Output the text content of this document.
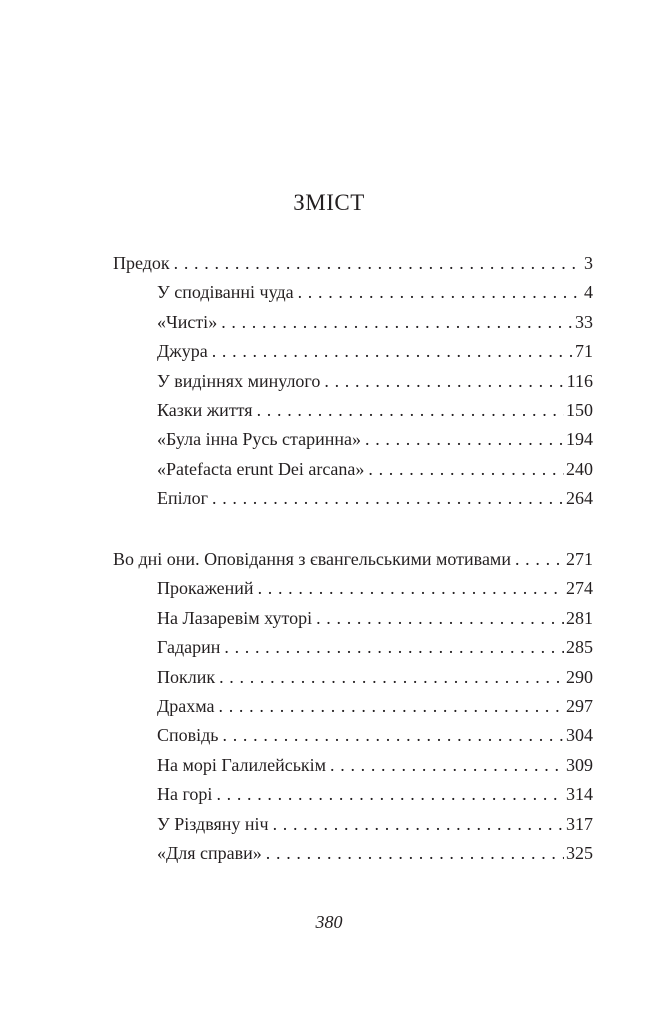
ЗМІСТ
Предок . . .	3
У сподіванні чуда . . .	4
«Чисті» . . .	33
Джура . . .	71
У видіннях минулого . . .	116
Казки життя . . .	150
«Була інна Русь старинна» . . .	194
«Patefacta erunt Dei arcana» . . .	240
Епілог . . .	264
Во дні они. Оповідання з євангельськими мотивами . . .	271
Прокажений . . .	274
На Лазаревім хуторі . . .	281
Гадарин . . .	285
Поклик . . .	290
Драхма . . .	297
Сповідь . . .	304
На морі Галилейськім . . .	309
На горі . . .	314
У Різдвяну ніч . . .	317
«Для справи» . . .	325
380
